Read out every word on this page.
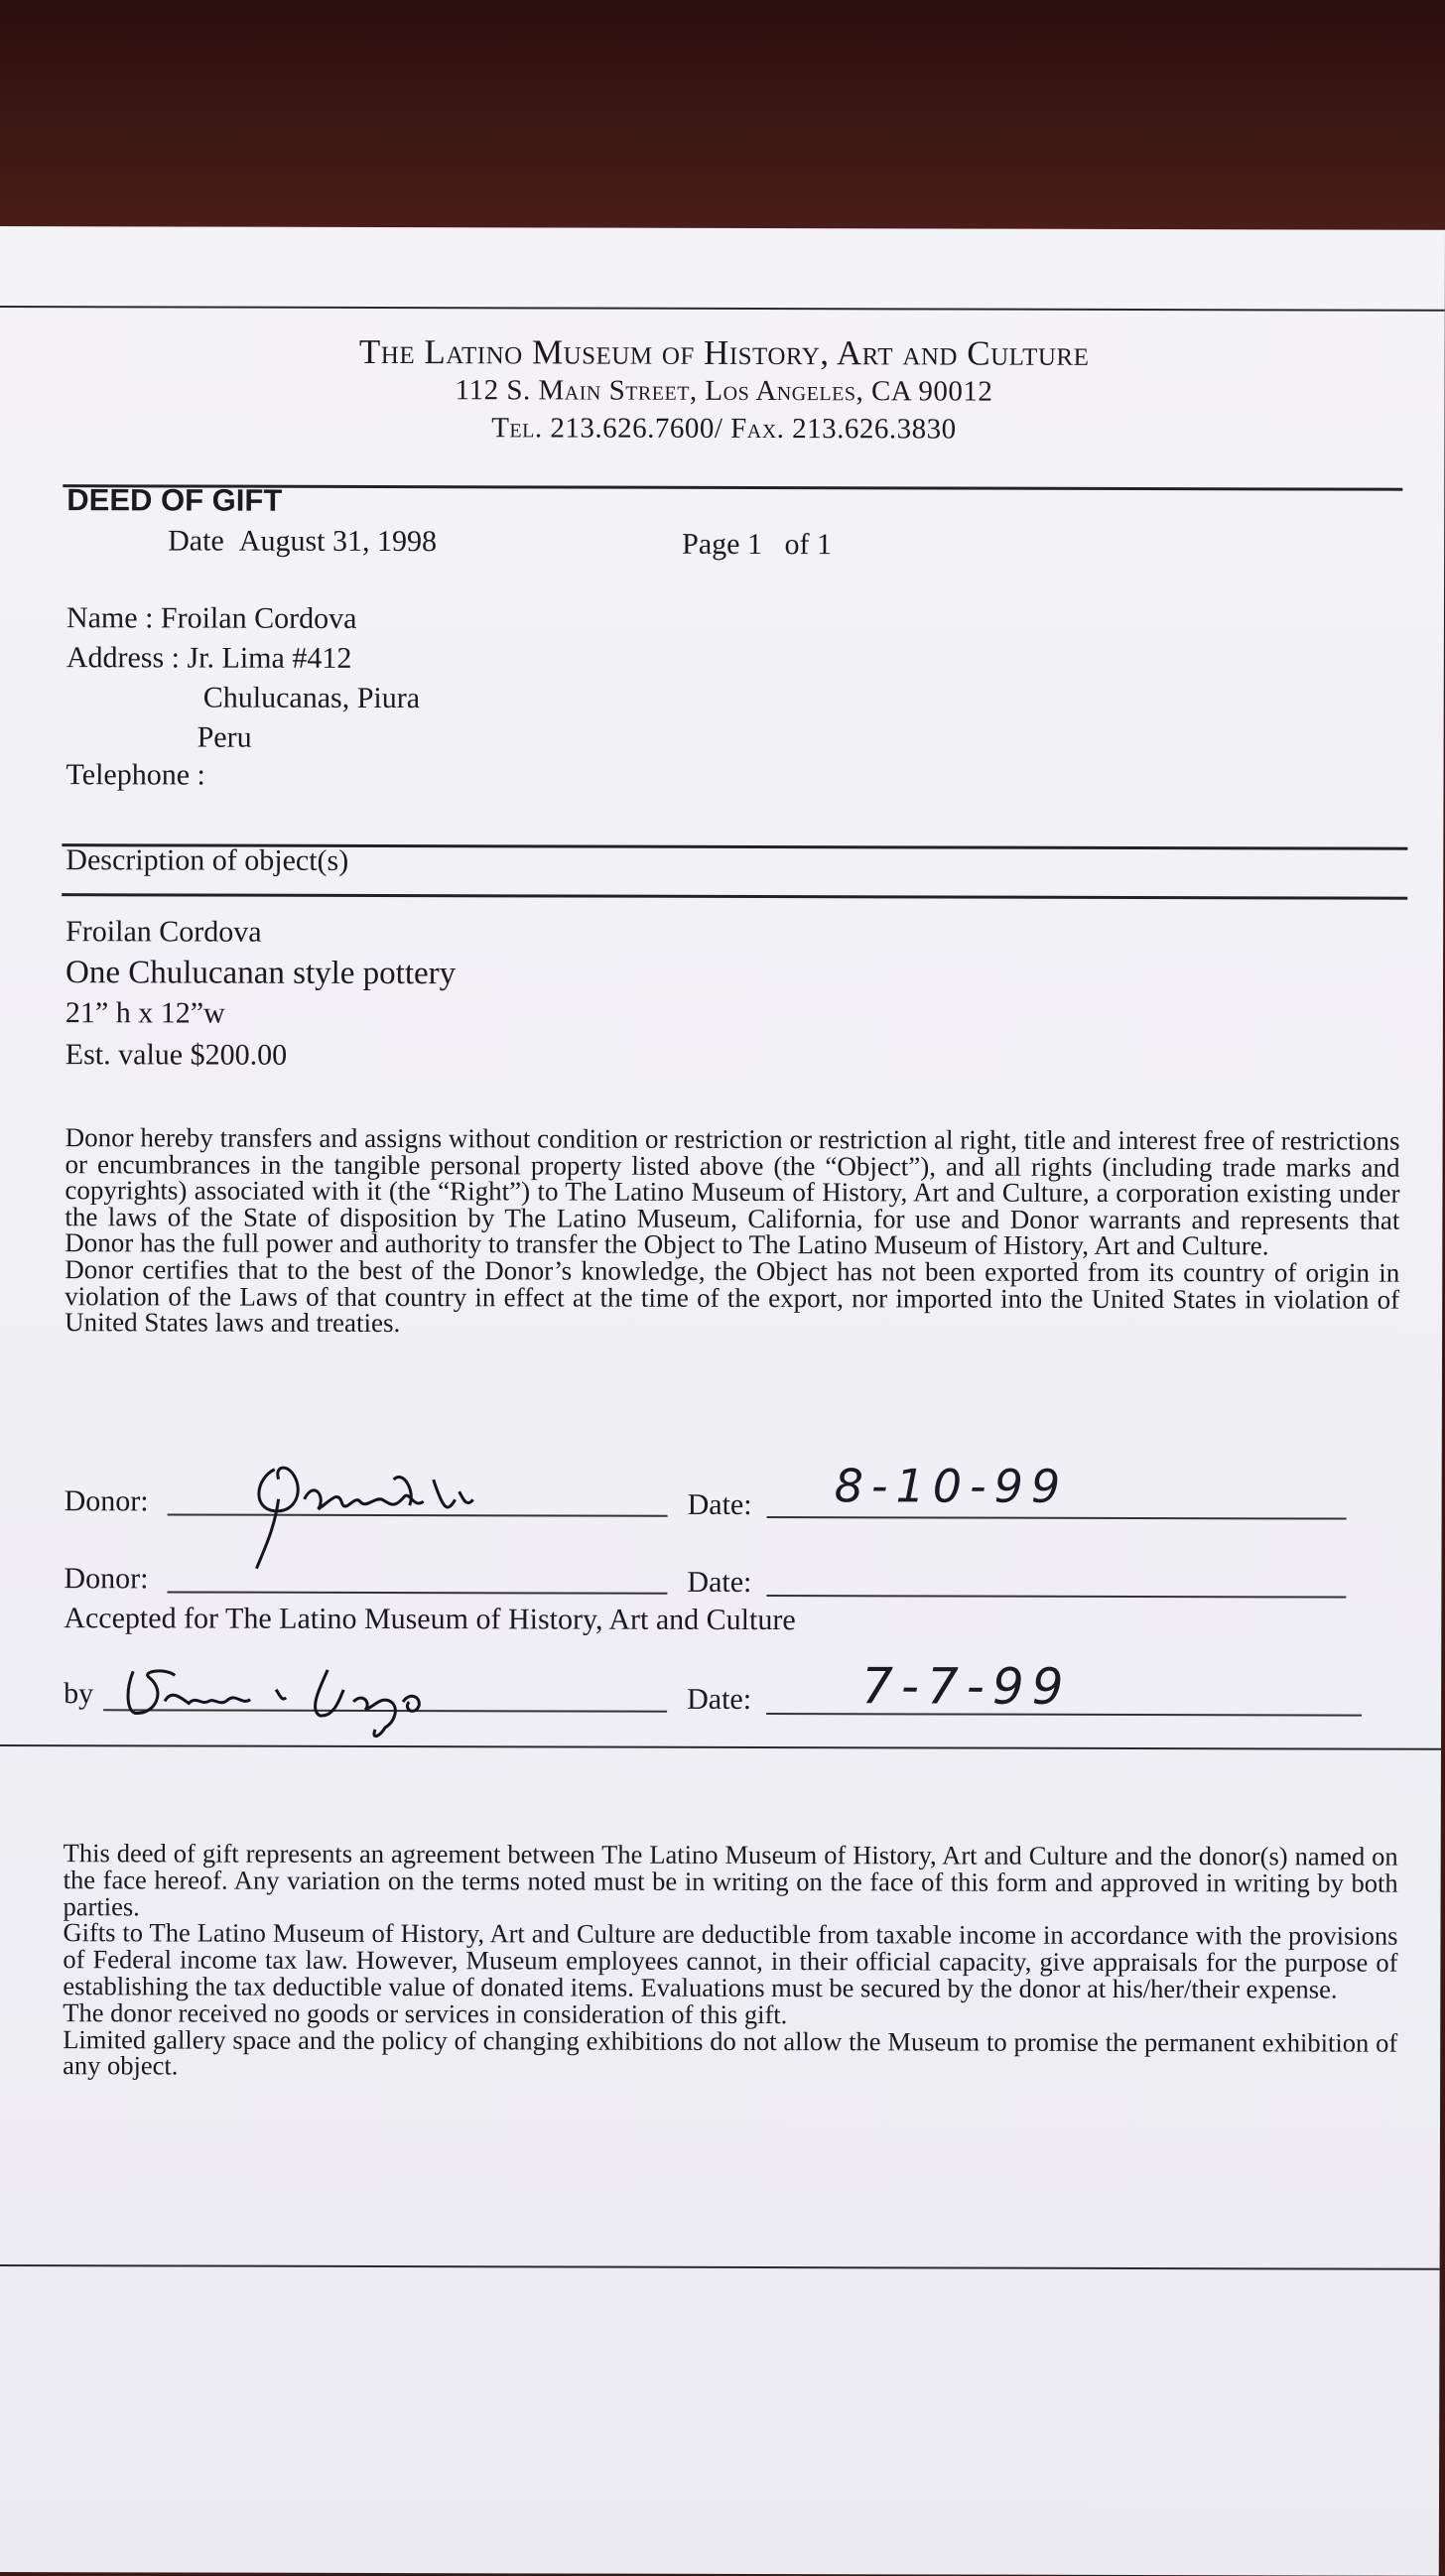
The Latino Museum of History, Art and Culture
112 S. Main Street, Los Angeles, CA 90012
Tel. 213.626.7600/ Fax. 213.626.3830
DEED OF GIFT
Date August 31, 1998	Page 1   of 1
Name : Froilan Cordova
Address : Jr. Lima #412
Chulucanas, Piura
Peru
Telephone :
Description of object(s)
Froilan Cordova
One Chulucanan style pottery
21” h x 12”w
Est. value $200.00

Donor hereby transfers and assigns without condition or restriction or restriction al right, title and interest free of restrictions or encumbrances in the tangible personal property listed above (the “Object”), and all rights (including trade marks and copyrights) associated with it (the “Right”) to The Latino Museum of History, Art and Culture, a corporation existing under the laws of the State of disposition by The Latino Museum, California, for use and Donor warrants and represents that Donor has the full power and authority to transfer the Object to The Latino Museum of History, Art and Culture.

Donor certifies that to the best of the Donor’s knowledge, the Object has not been exported from its country of origin in violation of the Laws of that country in effect at the time of the export, nor imported into the United States in violation of United States laws and treaties.

Donor:	Date: 8-10-99
Donor:	Date:
Accepted for The Latino Museum of History, Art and Culture
by	Date: 7-7-99

This deed of gift represents an agreement between The Latino Museum of History, Art and Culture and the donor(s) named on the face hereof. Any variation on the terms noted must be in writing on the face of this form and approved in writing by both parties.

Gifts to The Latino Museum of History, Art and Culture are deductible from taxable income in accordance with the provisions of Federal income tax law. However, Museum employees cannot, in their official capacity, give appraisals for the purpose of establishing the tax deductible value of donated items. Evaluations must be secured by the donor at his/her/their expense.

The donor received no goods or services in consideration of this gift.

Limited gallery space and the policy of changing exhibitions do not allow the Museum to promise the permanent exhibition of any object.
